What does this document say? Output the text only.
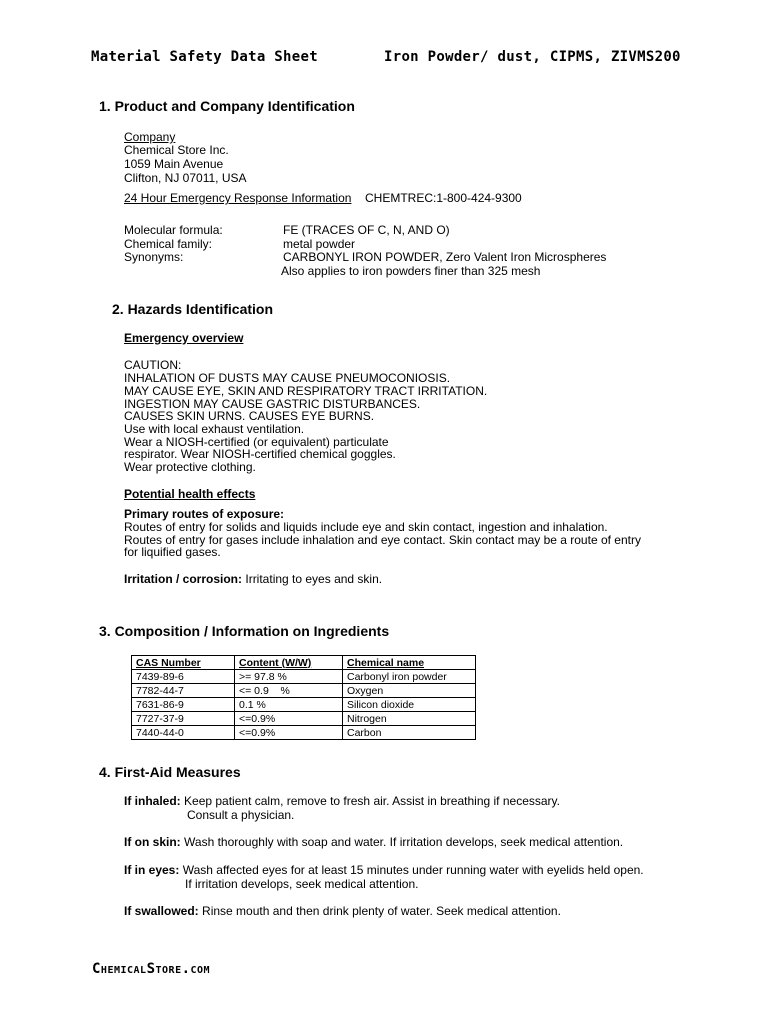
Material Safety Data Sheet	Iron Powder/ dust, CIPMS, ZIVMS200
1. Product and Company Identification
Company
Chemical Store Inc.
1059 Main Avenue
Clifton, NJ 07011, USA
24 Hour Emergency Response Information CHEMTREC:1-800-424-9300
Molecular formula:	FE (TRACES OF C, N, AND O)
Chemical family:	metal powder
Synonyms:	CARBONYL IRON POWDER, Zero Valent Iron Microspheres
Also applies to iron powders finer than 325 mesh
2. Hazards Identification
Emergency overview
CAUTION:
INHALATION OF DUSTS MAY CAUSE PNEUMOCONIOSIS.
MAY CAUSE EYE, SKIN AND RESPIRATORY TRACT IRRITATION.
INGESTION MAY CAUSE GASTRIC DISTURBANCES.
CAUSES SKIN URNS. CAUSES EYE BURNS.
Use with local exhaust ventilation.
Wear a NIOSH-certified (or equivalent) particulate
respirator. Wear NIOSH-certified chemical goggles.
Wear protective clothing.
Potential health effects
Primary routes of exposure:
Routes of entry for solids and liquids include eye and skin contact, ingestion and inhalation.
Routes of entry for gases include inhalation and eye contact. Skin contact may be a route of entry
for liquified gases.
Irritation / corrosion: Irritating to eyes and skin.
3. Composition / Information on Ingredients
CAS Number	Content (W/W)	Chemical name
7439-89-6	>= 97.8 %	Carbonyl iron powder
7782-44-7	<= 0.9    %	Oxygen
7631-86-9	0.1 %	Silicon dioxide
7727-37-9	<=0.9%	Nitrogen
7440-44-0	<=0.9%	Carbon
4. First-Aid Measures
If inhaled: Keep patient calm, remove to fresh air. Assist in breathing if necessary.
Consult a physician.
If on skin: Wash thoroughly with soap and water. If irritation develops, seek medical attention.
If in eyes: Wash affected eyes for at least 15 minutes under running water with eyelids held open.
If irritation develops, seek medical attention.
If swallowed: Rinse mouth and then drink plenty of water. Seek medical attention.
ChemicalStore.com
